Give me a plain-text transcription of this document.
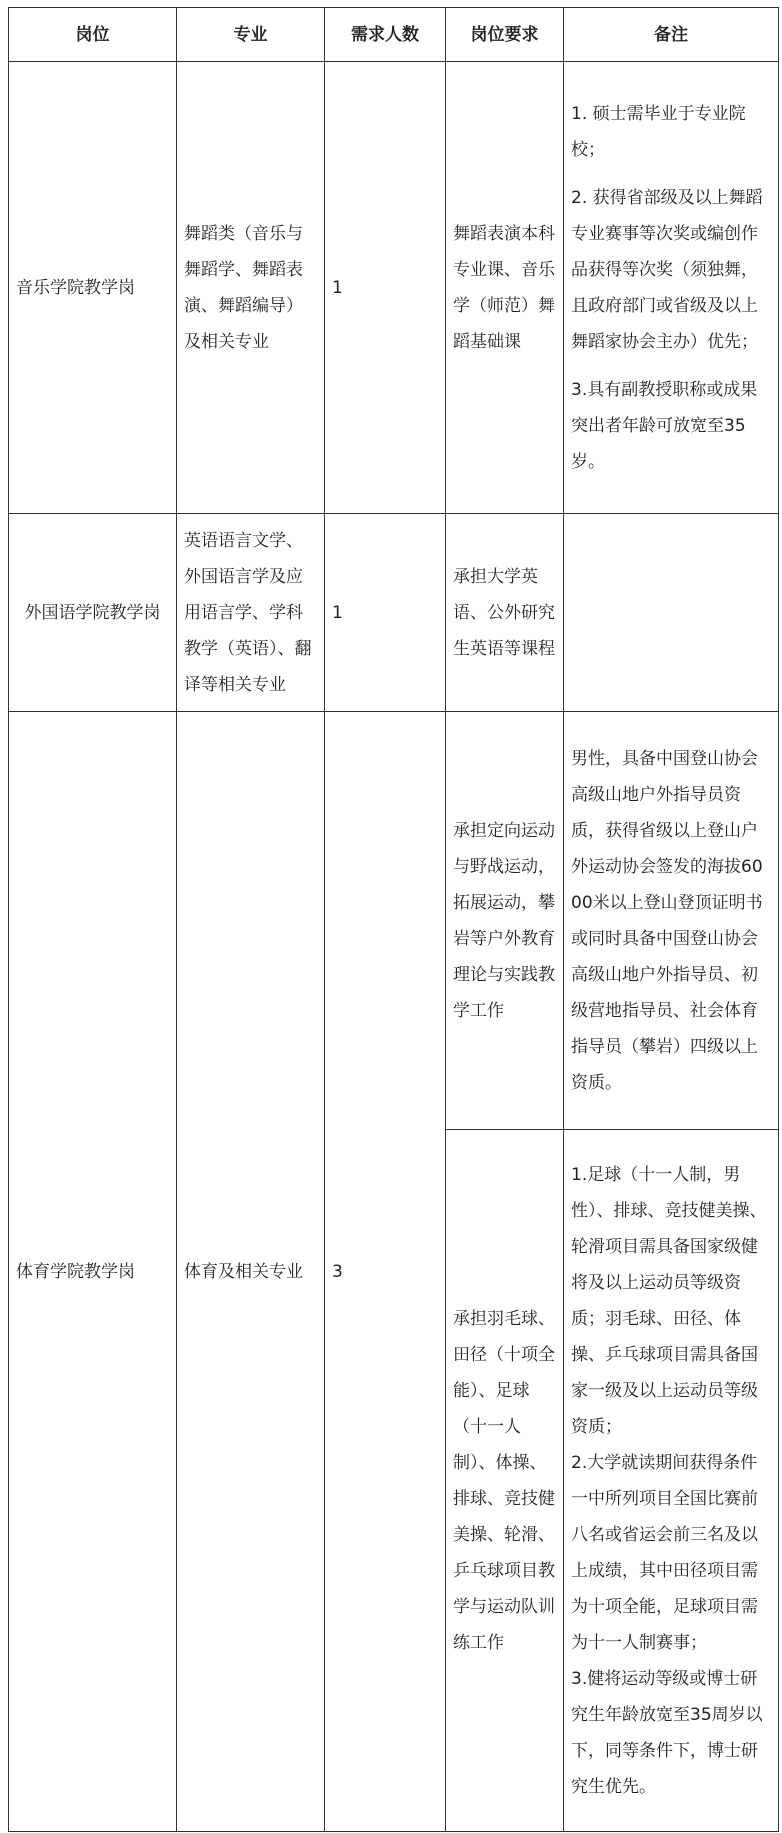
岗位	专业	需求人数	岗位要求	备注
音乐学院教学岗	舞蹈类（音乐与舞蹈学、舞蹈表演、舞蹈编导）及相关专业	1	舞蹈表演本科专业课、音乐学（师范）舞蹈基础课	1. 硕士需毕业于专业院校；

2. 获得省部级及以上舞蹈专业赛事等次奖或编创作品获得等次奖（须独舞，且政府部门或省级及以上舞蹈家协会主办）优先；

3.具有副教授职称或成果突出者年龄可放宽至35岁。

外国语学院教学岗	英语语言文学、外国语言学及应用语言学、学科教学（英语）、翻译等相关专业	1	承担大学英语、公外研究生英语等课程	
体育学院教学岗	体育及相关专业	3	承担定向运动与野战运动，拓展运动，攀岩等户外教育理论与实践教学工作	男性，具备中国登山协会高级山地户外指导员资质，获得省级以上登山户外运动协会签发的海拔6000米以上登山登顶证明书或同时具备中国登山协会高级山地户外指导员、初级营地指导员、社会体育指导员（攀岩）四级以上资质。
			承担羽毛球、田径（十项全能）、足球（十一人制）、体操、排球、竞技健美操、轮滑、乒乓球项目教学与运动队训练工作	1.足球（十一人制，男性）、排球、竞技健美操、轮滑项目需具备国家级健将及以上运动员等级资质；羽毛球、田径、体操、乒乓球项目需具备国家一级及以上运动员等级资质；

2.大学就读期间获得条件一中所列项目全国比赛前八名或省运会前三名及以上成绩，其中田径项目需为十项全能，足球项目需为十一人制赛事；

3.健将运动等级或博士研究生年龄放宽至35周岁以下，同等条件下，博士研究生优先。
